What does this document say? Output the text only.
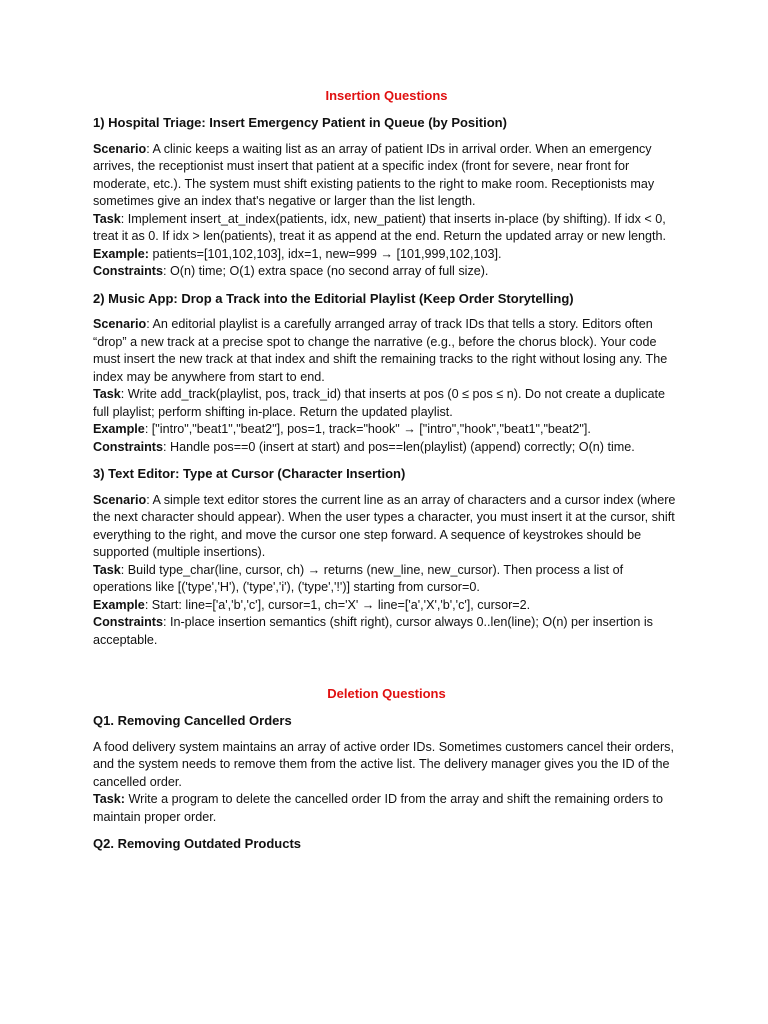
Insertion Questions
1) Hospital Triage: Insert Emergency Patient in Queue (by Position)
Scenario: A clinic keeps a waiting list as an array of patient IDs in arrival order. When an emergency arrives, the receptionist must insert that patient at a specific index (front for severe, near front for moderate, etc.). The system must shift existing patients to the right to make room. Receptionists may sometimes give an index that's negative or larger than the list length.
Task: Implement insert_at_index(patients, idx, new_patient) that inserts in-place (by shifting). If idx < 0, treat it as 0. If idx > len(patients), treat it as append at the end. Return the updated array or new length.
Example: patients=[101,102,103], idx=1, new=999 → [101,999,102,103].
Constraints: O(n) time; O(1) extra space (no second array of full size).
2) Music App: Drop a Track into the Editorial Playlist (Keep Order Storytelling)
Scenario: An editorial playlist is a carefully arranged array of track IDs that tells a story. Editors often “drop” a new track at a precise spot to change the narrative (e.g., before the chorus block). Your code must insert the new track at that index and shift the remaining tracks to the right without losing any. The index may be anywhere from start to end.
Task: Write add_track(playlist, pos, track_id) that inserts at pos (0 ≤ pos ≤ n). Do not create a duplicate full playlist; perform shifting in-place. Return the updated playlist.
Example: ["intro","beat1","beat2"], pos=1, track="hook" → ["intro","hook","beat1","beat2"].
Constraints: Handle pos==0 (insert at start) and pos==len(playlist) (append) correctly; O(n) time.
3) Text Editor: Type at Cursor (Character Insertion)
Scenario: A simple text editor stores the current line as an array of characters and a cursor index (where the next character should appear). When the user types a character, you must insert it at the cursor, shift everything to the right, and move the cursor one step forward. A sequence of keystrokes should be supported (multiple insertions).
Task: Build type_char(line, cursor, ch) → returns (new_line, new_cursor). Then process a list of operations like [('type','H'), ('type','i'), ('type','!')] starting from cursor=0.
Example: Start: line=['a','b','c'], cursor=1, ch='X' → line=['a','X','b','c'], cursor=2.
Constraints: In-place insertion semantics (shift right), cursor always 0..len(line); O(n) per insertion is acceptable.
Deletion Questions
Q1. Removing Cancelled Orders
A food delivery system maintains an array of active order IDs. Sometimes customers cancel their orders, and the system needs to remove them from the active list. The delivery manager gives you the ID of the cancelled order.
Task: Write a program to delete the cancelled order ID from the array and shift the remaining orders to maintain proper order.
Q2. Removing Outdated Products
